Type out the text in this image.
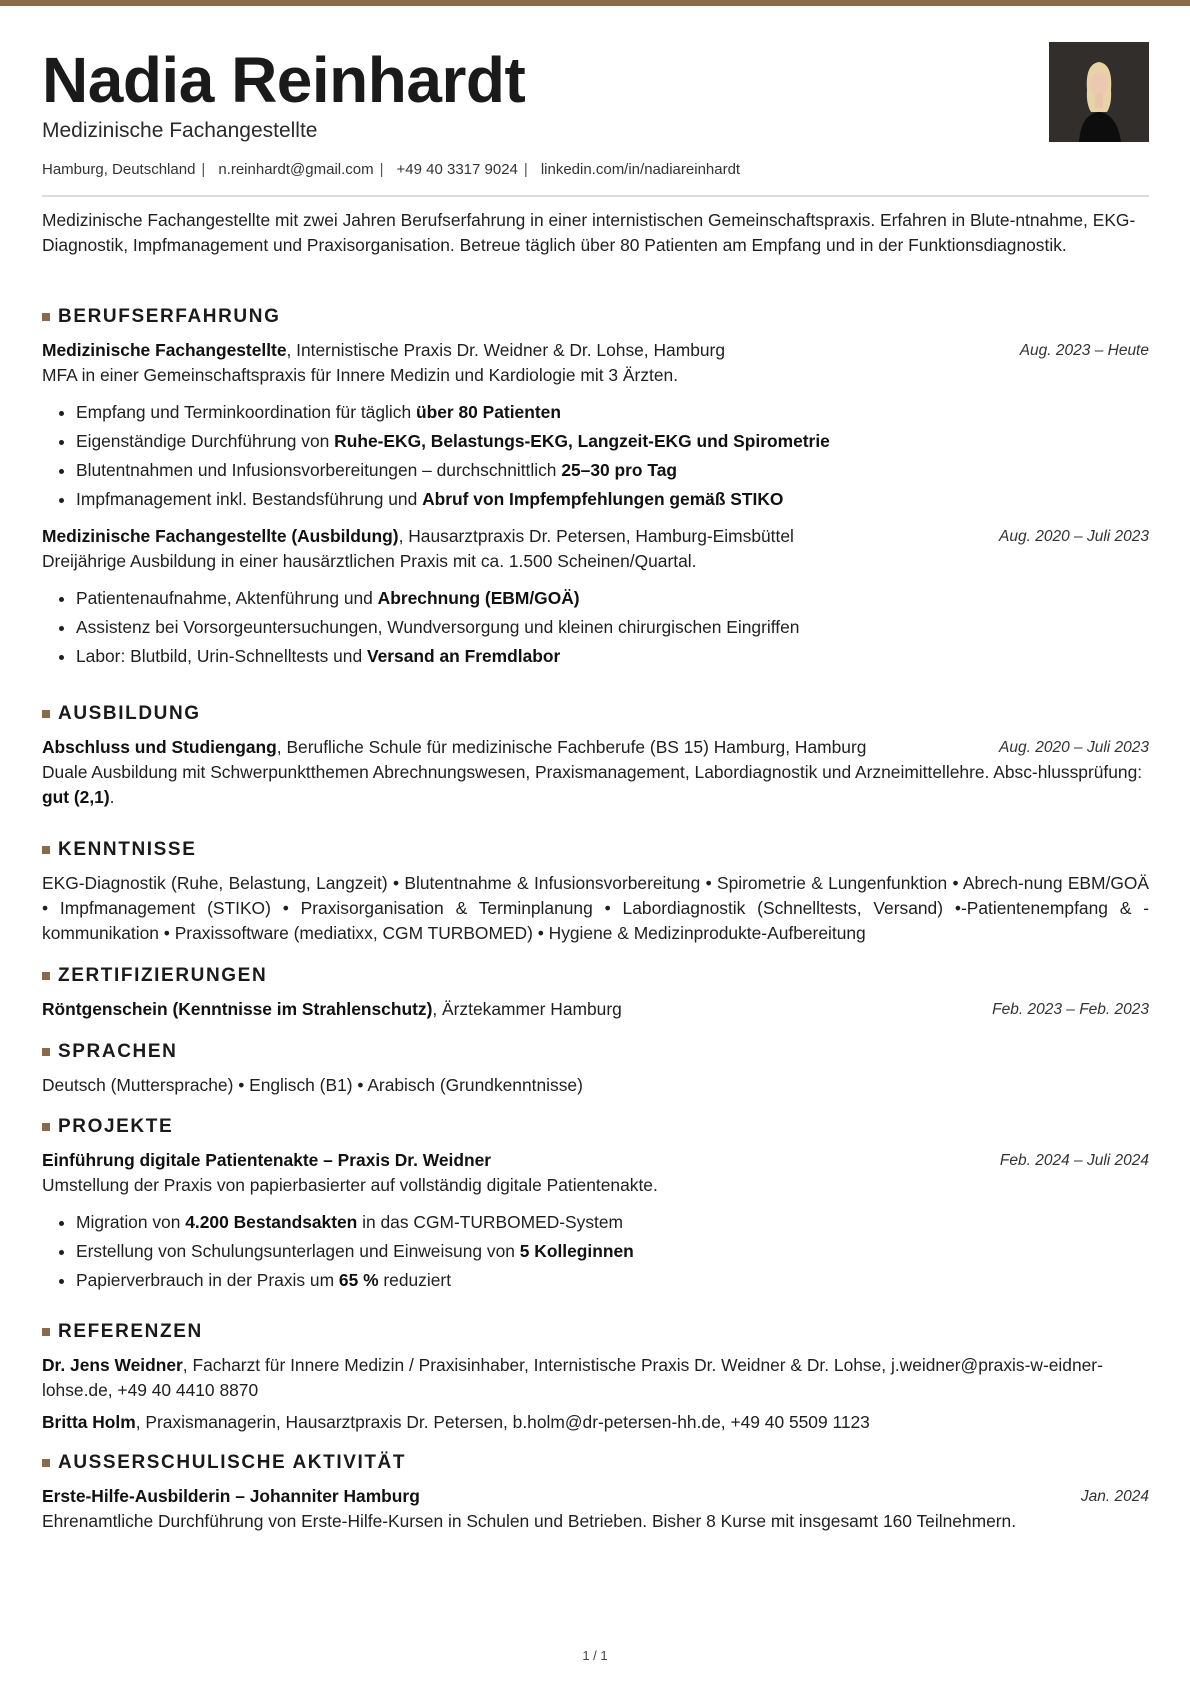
Nadia Reinhardt
Medizinische Fachangestellte
Hamburg, Deutschland | n.reinhardt@gmail.com | +49 40 3317 9024 | linkedin.com/in/nadiareinhardt
Medizinische Fachangestellte mit zwei Jahren Berufserfahrung in einer internistischen Gemeinschaftspraxis. Erfahren in Blute-ntnahme, EKG-Diagnostik, Impfmanagement und Praxisorganisation. Betreue täglich über 80 Patienten am Empfang und in der Funktionsdiagnostik.
BERUFSERFAHRUNG
Medizinische Fachangestellte, Internistische Praxis Dr. Weidner & Dr. Lohse, Hamburg	Aug. 2023 – Heute
MFA in einer Gemeinschaftspraxis für Innere Medizin und Kardiologie mit 3 Ärzten.
• Empfang und Terminkoordination für täglich über 80 Patienten
• Eigenständige Durchführung von Ruhe-EKG, Belastungs-EKG, Langzeit-EKG und Spirometrie
• Blutentnahmen und Infusionsvorbereitungen – durchschnittlich 25–30 pro Tag
• Impfmanagement inkl. Bestandsführung und Abruf von Impfempfehlungen gemäß STIKO
Medizinische Fachangestellte (Ausbildung), Hausarztpraxis Dr. Petersen, Hamburg-Eimsbüttel	Aug. 2020 – Juli 2023
Dreijährige Ausbildung in einer hausärztlichen Praxis mit ca. 1.500 Scheinen/Quartal.
• Patientenaufnahme, Aktenführung und Abrechnung (EBM/GOÄ)
• Assistenz bei Vorsorgeuntersuchungen, Wundversorgung und kleinen chirurgischen Eingriffen
• Labor: Blutbild, Urin-Schnelltests und Versand an Fremdlabor
AUSBILDUNG
Abschluss und Studiengang, Berufliche Schule für medizinische Fachberufe (BS 15) Hamburg, Hamburg	Aug. 2020 – Juli 2023
Duale Ausbildung mit Schwerpunktthemen Abrechnungswesen, Praxismanagement, Labordiagnostik und Arzneimittellehre. Absc-hlussprüfung: gut (2,1).
KENNTNISSE
EKG-Diagnostik (Ruhe, Belastung, Langzeit) • Blutentnahme & Infusionsvorbereitung • Spirometrie & Lungenfunktion • Abrech-nung EBM/GOÄ • Impfmanagement (STIKO) • Praxisorganisation & Terminplanung • Labordiagnostik (Schnelltests, Versand) •-Patientenempfang & -kommunikation • Praxissoftware (mediatixx, CGM TURBOMED) • Hygiene & Medizinprodukte-Aufbereitung
ZERTIFIZIERUNGEN
Röntgenschein (Kenntnisse im Strahlenschutz), Ärztekammer Hamburg	Feb. 2023 – Feb. 2023
SPRACHEN
Deutsch (Muttersprache) • Englisch (B1) • Arabisch (Grundkenntnisse)
PROJEKTE
Einführung digitale Patientenakte – Praxis Dr. Weidner	Feb. 2024 – Juli 2024
Umstellung der Praxis von papierbasierter auf vollständig digitale Patientenakte.
• Migration von 4.200 Bestandsakten in das CGM-TURBOMED-System
• Erstellung von Schulungsunterlagen und Einweisung von 5 Kolleginnen
• Papierverbrauch in der Praxis um 65 % reduziert
REFERENZEN
Dr. Jens Weidner, Facharzt für Innere Medizin / Praxisinhaber, Internistische Praxis Dr. Weidner & Dr. Lohse, j.weidner@praxis-w-eidner-lohse.de, +49 40 4410 8870
Britta Holm, Praxismanagerin, Hausarztpraxis Dr. Petersen, b.holm@dr-petersen-hh.de, +49 40 5509 1123
AUSSERSCHULISCHE AKTIVITÄT
Erste-Hilfe-Ausbilderin – Johanniter Hamburg	Jan. 2024
Ehrenamtliche Durchführung von Erste-Hilfe-Kursen in Schulen und Betrieben. Bisher 8 Kurse mit insgesamt 160 Teilnehmern.
1 / 1
